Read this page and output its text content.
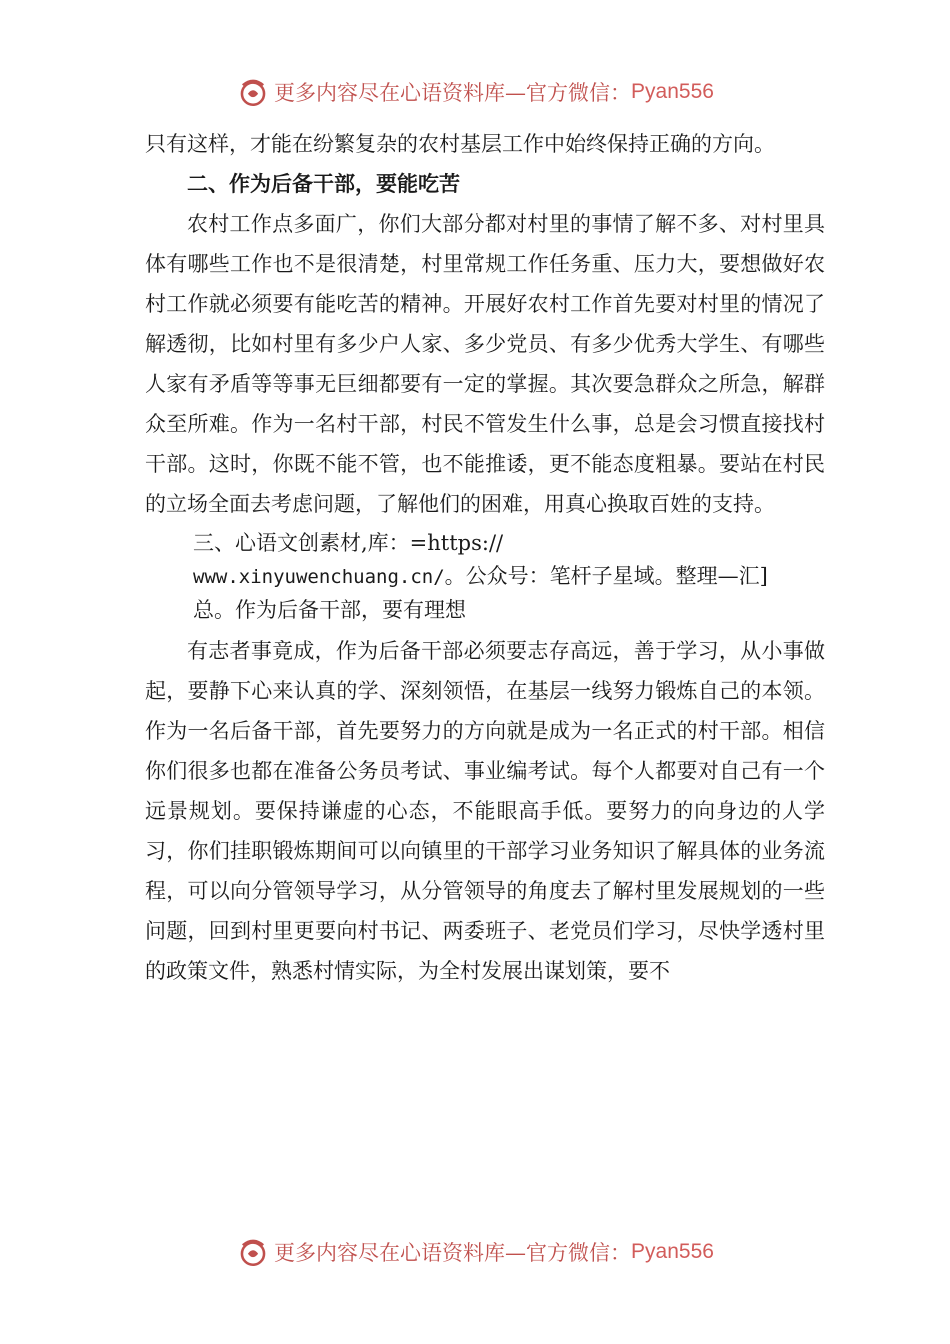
更多内容尽在心语资料库—官方微信： Pyan556

只有这样，才能在纷繁复杂的农村基层工作中始终保持正确的方向。

二、作为后备干部，要能吃苦

农村工作点多面广，你们大部分都对村里的事情了解不多、对村里具体有哪些工作也不是很清楚，村里常规工作任务重、压力大，要想做好农村工作就必须要有能吃苦的精神。开展好农村工作首先要对村里的情况了解透彻，比如村里有多少户人家、多少党员、有多少优秀大学生、有哪些人家有矛盾等等事无巨细都要有一定的掌握。其次要急群众之所急，解群众至所难。作为一名村干部，村民不管发生什么事，总是会习惯直接找村干部。这时，你既不能不管，也不能推诿，更不能态度粗暴。要站在村民的立场全面去考虑问题，了解他们的困难，用真心换取百姓的支持。

三、心语文创素材,库：=https://
www.xinyuwenchuang.cn/。公众号：笔杆子星域。整理—汇]
总。作为后备干部，要有理想

有志者事竟成，作为后备干部必须要志存高远，善于学习，从小事做起，要静下心来认真的学、深刻领悟，在基层一线努力锻炼自己的本领。作为一名后备干部，首先要努力的方向就是成为一名正式的村干部。相信你们很多也都在准备公务员考试、事业编考试。每个人都要对自己有一个远景规划。要保持谦虚的心态，不能眼高手低。要努力的向身边的人学习，你们挂职锻炼期间可以向镇里的干部学习业务知识了解具体的业务流程，可以向分管领导学习，从分管领导的角度去了解村里发展规划的一些问题，回到村里更要向村书记、两委班子、老党员们学习，尽快学透村里的政策文件，熟悉村情实际，为全村发展出谋划策，要不

更多内容尽在心语资料库—官方微信： Pyan556
